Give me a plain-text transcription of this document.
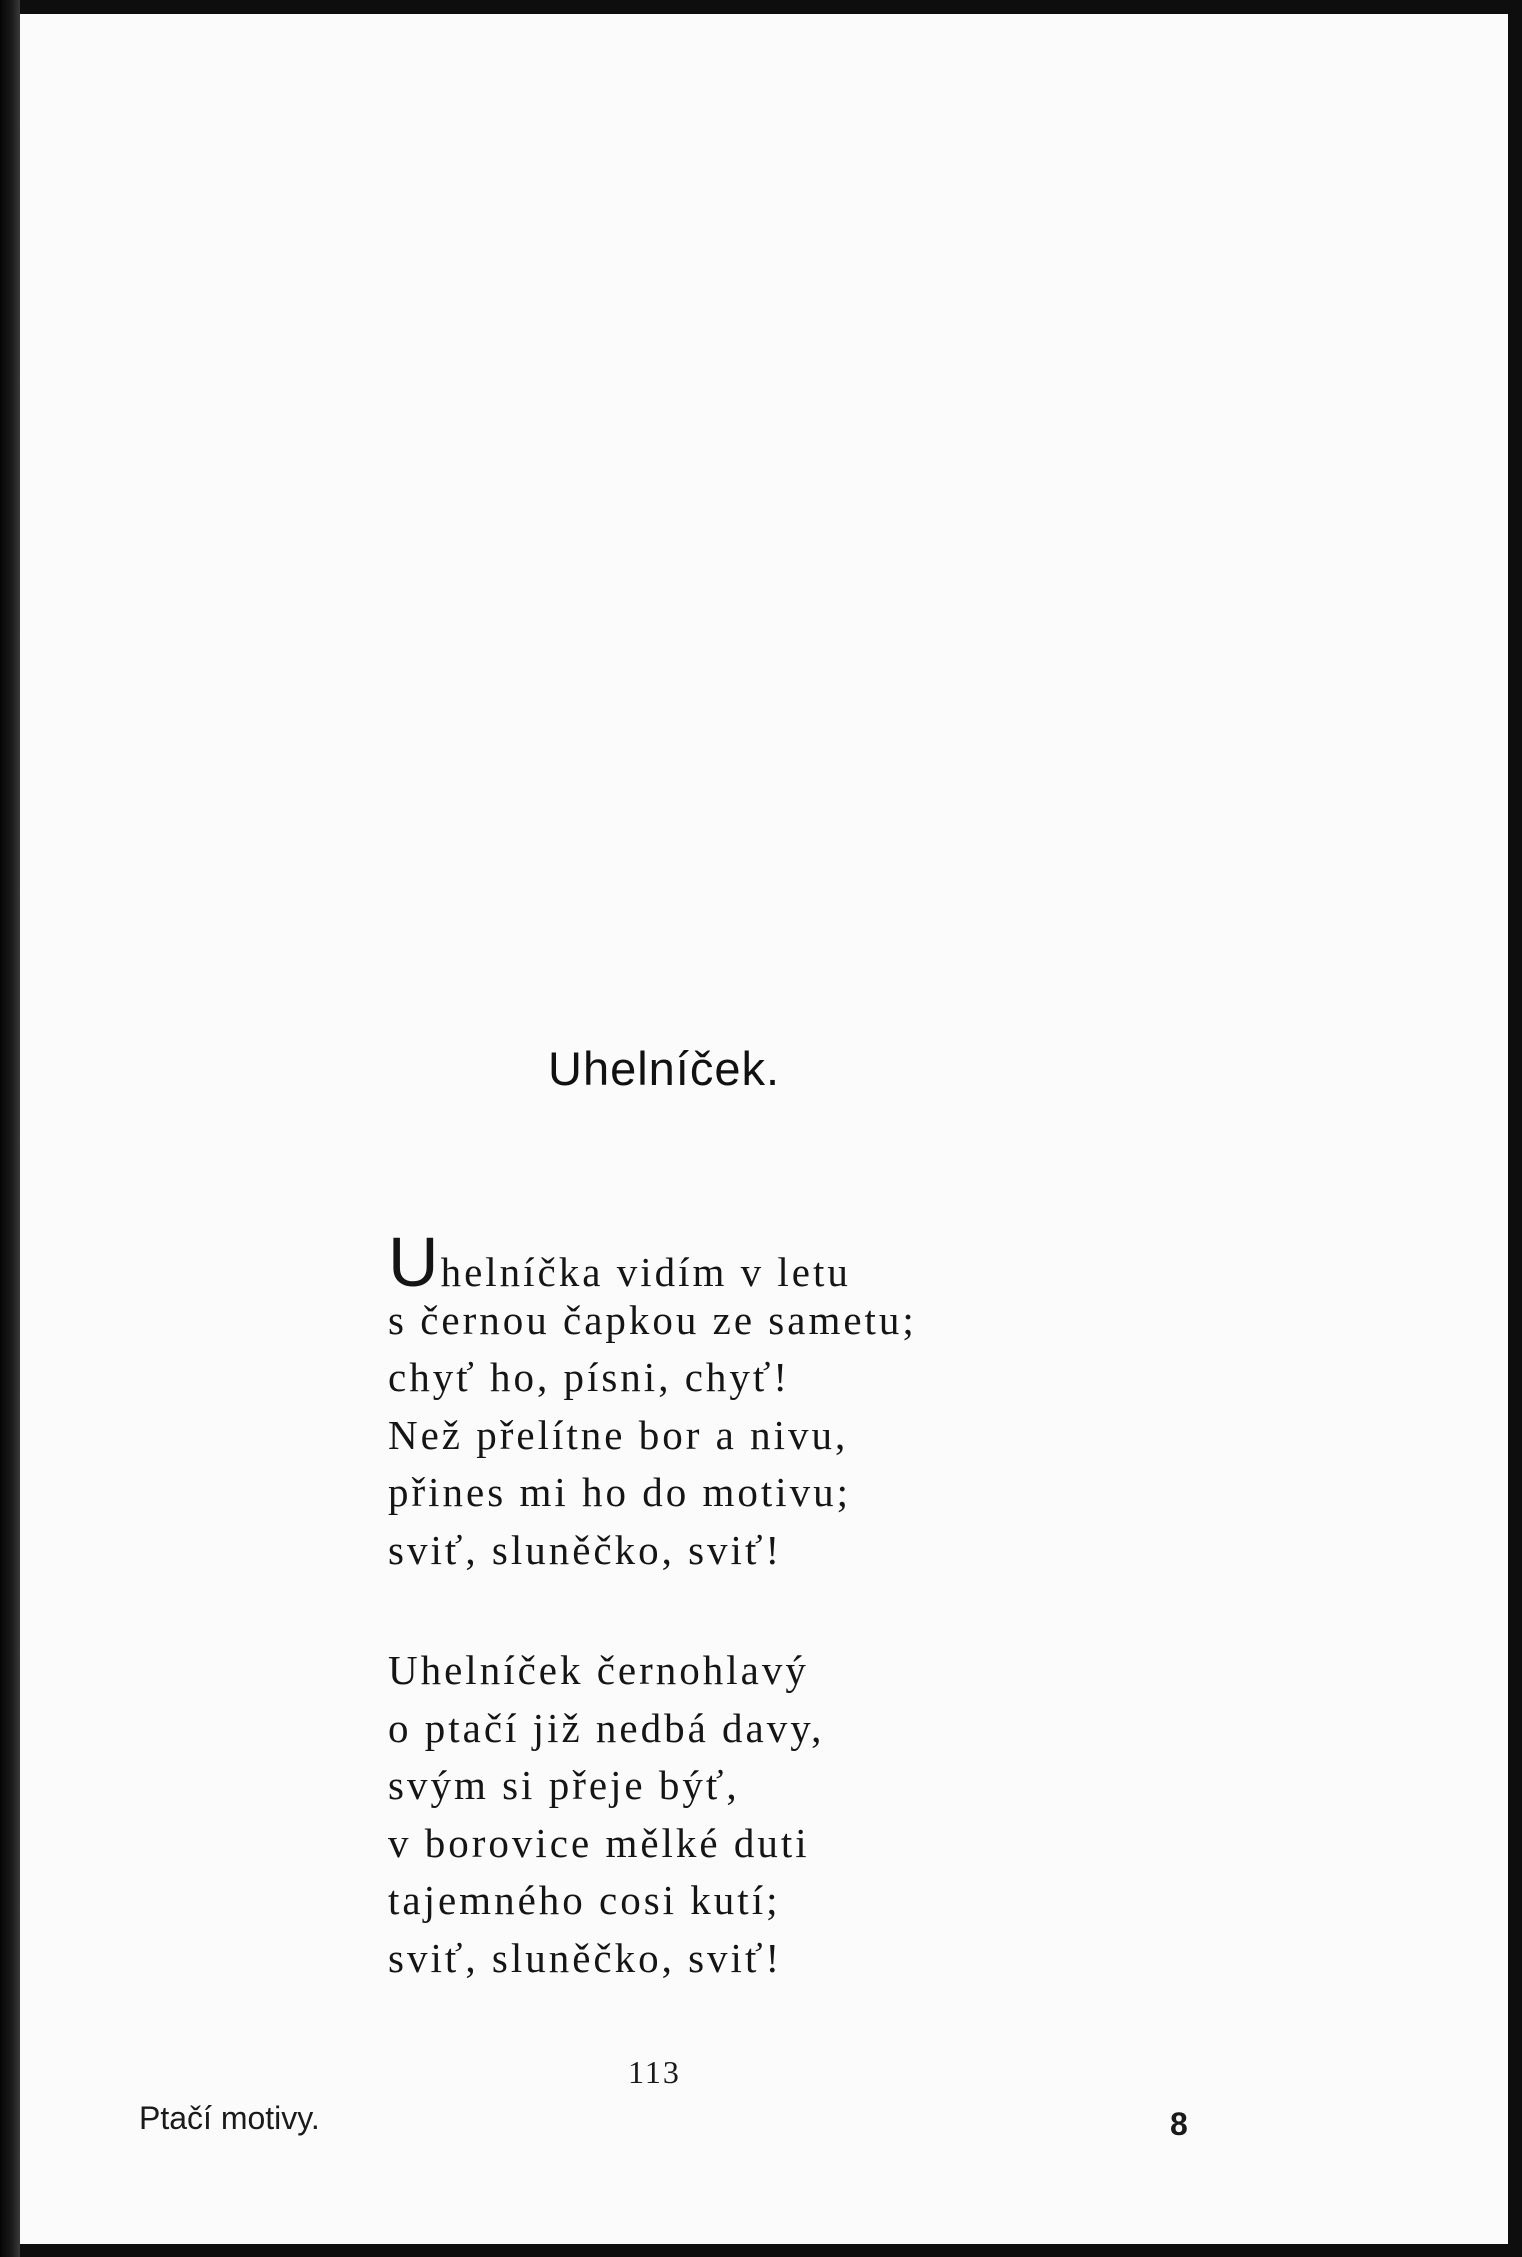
Uhelníček.
Uhelníčka vidím v letu
s černou čapkou ze sametu;
chyť ho, písni, chyť!
Než přelítne bor a nivu,
přines mi ho do motivu;
sviť, sluněčko, sviť!
Uhelníček černohlavý
o ptačí již nedbá davy,
svým si přeje býť,
v borovice mělké duti
tajemného cosi kutí;
sviť, sluněčko, sviť!
113
Ptačí motivy.	8
